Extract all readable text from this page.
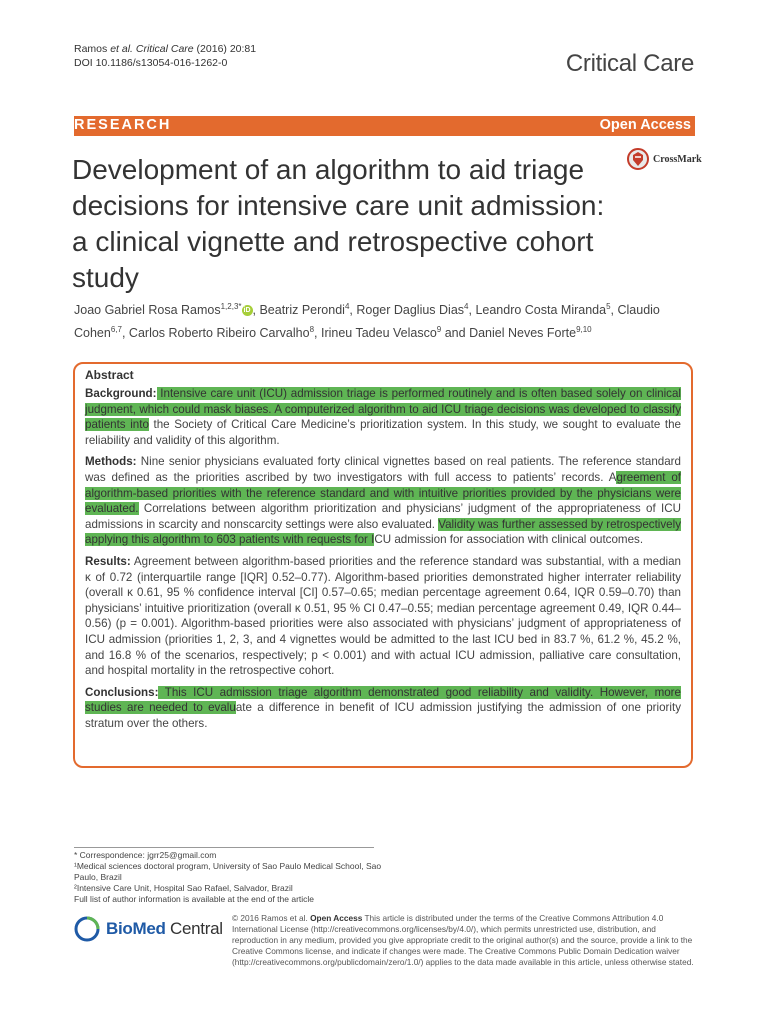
Ramos et al. Critical Care (2016) 20:81
DOI 10.1186/s13054-016-1262-0	Critical Care
RESEARCH	Open Access
Development of an algorithm to aid triage decisions for intensive care unit admission: a clinical vignette and retrospective cohort study
CrossMark
Joao Gabriel Rosa Ramos$^{1,2,3*}$ iD , Beatriz Perondi$^4$, Roger Daglius Dias$^4$, Leandro Costa Miranda$^5$, Claudio Cohen$^{6,7}$, Carlos Roberto Ribeiro Carvalho$^8$, Irineu Tadeu Velasco$^9$ and Daniel Neves Forte$^{9,10}$
Abstract

Background: Intensive care unit (ICU) admission triage is performed routinely and is often based solely on clinical judgment, which could mask biases. A computerized algorithm to aid ICU triage decisions was developed to classify patients into the Society of Critical Care Medicine’s prioritization system. In this study, we sought to evaluate the reliability and validity of this algorithm.

Methods: Nine senior physicians evaluated forty clinical vignettes based on real patients. The reference standard was defined as the priorities ascribed by two investigators with full access to patients’ records. Agreement of algorithm-based priorities with the reference standard and with intuitive priorities provided by the physicians were evaluated. Correlations between algorithm prioritization and physicians’ judgment of the appropriateness of ICU admissions in scarcity and nonscarcity settings were also evaluated. Validity was further assessed by retrospectively applying this algorithm to 603 patients with requests for ICU admission for association with clinical outcomes.

Results: Agreement between algorithm-based priorities and the reference standard was substantial, with a median κ of 0.72 (interquartile range [IQR] 0.52–0.77). Algorithm-based priorities demonstrated higher interrater reliability (overall κ 0.61, 95 % confidence interval [CI] 0.57–0.65; median percentage agreement 0.64, IQR 0.59–0.70) than physicians’ intuitive prioritization (overall κ 0.51, 95 % CI 0.47–0.55; median percentage agreement 0.49, IQR 0.44–0.56) (p = 0.001). Algorithm-based priorities were also associated with physicians’ judgment of appropriateness of ICU admission (priorities 1, 2, 3, and 4 vignettes would be admitted to the last ICU bed in 83.7 %, 61.2 %, 45.2 %, and 16.8 % of the scenarios, respectively; p < 0.001) and with actual ICU admission, palliative care consultation, and hospital mortality in the retrospective cohort.

Conclusions: This ICU admission triage algorithm demonstrated good reliability and validity. However, more studies are needed to evaluate a difference in benefit of ICU admission justifying the admission of one priority stratum over the others.

* Correspondence: jgrr25@gmail.com
¹Medical sciences doctoral program, University of Sao Paulo Medical School, Sao Paulo, Brazil
²Intensive Care Unit, Hospital Sao Rafael, Salvador, Brazil
Full list of author information is available at the end of the article
BioMed Central
© 2016 Ramos et al. Open Access This article is distributed under the terms of the Creative Commons Attribution 4.0 International License (http://creativecommons.org/licenses/by/4.0/), which permits unrestricted use, distribution, and reproduction in any medium, provided you give appropriate credit to the original author(s) and the source, provide a link to the Creative Commons license, and indicate if changes were made. The Creative Commons Public Domain Dedication waiver (http://creativecommons.org/publicdomain/zero/1.0/) applies to the data made available in this article, unless otherwise stated.
